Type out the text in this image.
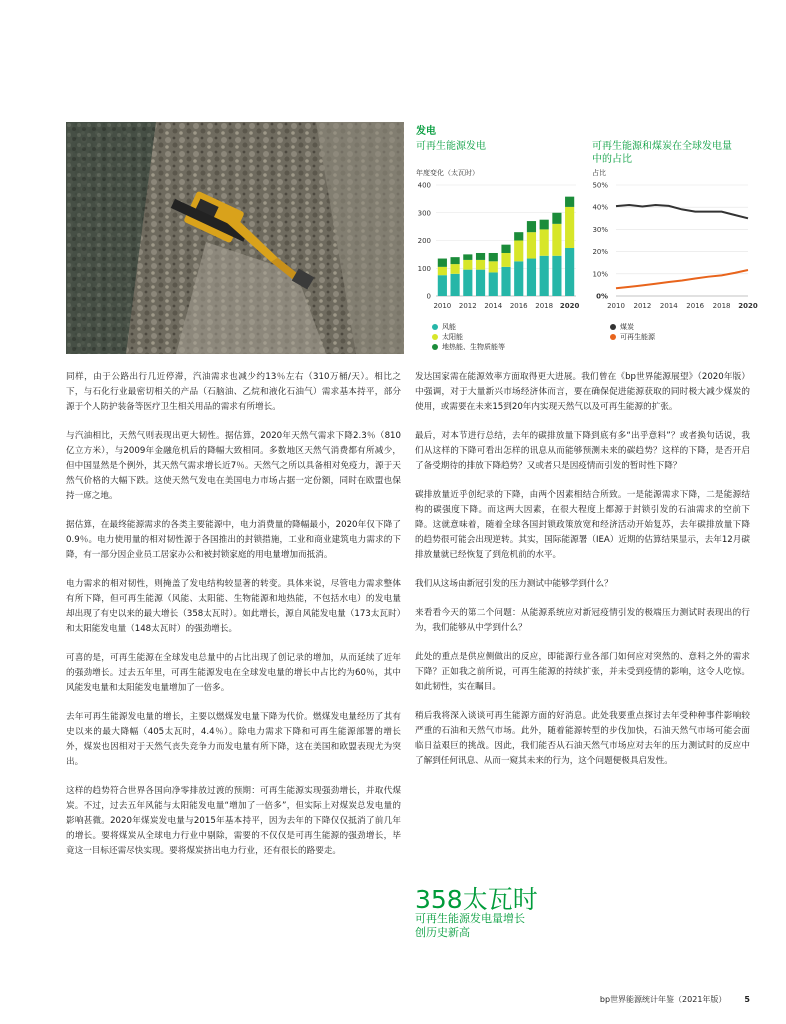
发电
可再生能源发电
年度变化（太瓦时）
可再生能源和煤炭在全球发电量
中的占比
占比
0
100
200
300
400
2010 2012 2014 2016 2018 2020
0%
10%
20%
30%
40%
50%
2010 2012 2014 2016 2018 2020
风能
太阳能
地热能、生物质能等
煤炭
可再生能源

同样，由于公路出行几近停滞，汽油需求也减少约13％左右（310万桶/天）。相比之下，与石化行业最密切相关的产品（石脑油、乙烷和液化石油气）需求基本持平，部分源于个人防护装备等医疗卫生相关用品的需求有所增长。

与汽油相比，天然气则表现出更大韧性。据估算，2020年天然气需求下降2.3％（810亿立方米），与2009年金融危机后的降幅大致相同。多数地区天然气消费都有所减少，但中国显然是个例外，其天然气需求增长近7％。天然气之所以具备相对免疫力，源于天然气价格的大幅下跌。这使天然气发电在美国电力市场占据一定份额，同时在欧盟也保持一席之地。

据估算，在最终能源需求的各类主要能源中，电力消费量的降幅最小，2020年仅下降了0.9％。电力使用量的相对韧性源于各国推出的封锁措施，工业和商业建筑电力需求的下降，有一部分因企业员工居家办公和被封锁家庭的用电量增加而抵消。

电力需求的相对韧性，则掩盖了发电结构较显著的转变。具体来说，尽管电力需求整体有所下降，但可再生能源（风能、太阳能、生物能源和地热能，不包括水电）的发电量却出现了有史以来的最大增长（358太瓦时）。如此增长，源自风能发电量（173太瓦时）和太阳能发电量（148太瓦时）的强劲增长。

可喜的是，可再生能源在全球发电总量中的占比出现了创记录的增加，从而延续了近年的强劲增长。过去五年里，可再生能源发电在全球发电量的增长中占比约为60％，其中风能发电量和太阳能发电量增加了一倍多。

去年可再生能源发电量的增长，主要以燃煤发电量下降为代价。燃煤发电量经历了其有史以来的最大降幅（405太瓦时，4.4％）。除电力需求下降和可再生能源部署的增长外，煤炭也因相对于天然气丧失竞争力而发电量有所下降，这在美国和欧盟表现尤为突出。

这样的趋势符合世界各国向净零排放过渡的预期：可再生能源实现强劲增长，并取代煤炭。不过，过去五年风能与太阳能发电量“增加了一倍多”，但实际上对煤炭总发电量的影响甚微。2020年煤炭发电量与2015年基本持平，因为去年的下降仅仅抵消了前几年的增长。要将煤炭从全球电力行业中剔除，需要的不仅仅是可再生能源的强劲增长，毕竟这一目标还需尽快实现。要将煤炭挤出电力行业，还有很长的路要走。

发达国家需在能源效率方面取得更大进展。我们曾在《bp世界能源展望》（2020年版）中强调，对于大量新兴市场经济体而言，要在确保促进能源获取的同时极大减少煤炭的使用，或需要在未来15到20年内实现天然气以及可再生能源的扩张。

最后，对本节进行总结，去年的碳排放量下降到底有多“出乎意料”？或者换句话说，我们从这样的下降可看出怎样的讯息从而能够预测未来的碳趋势？这样的下降，是否开启了备受期待的排放下降趋势？又或者只是因疫情而引发的暂时性下降？

碳排放量近乎创纪录的下降，由两个因素相结合所致。一是能源需求下降，二是能源结构的碳强度下降。而这两大因素，在很大程度上都源于封锁引发的石油需求的空前下降。这就意味着，随着全球各国封锁政策放宽和经济活动开始复苏，去年碳排放量下降的趋势很可能会出现逆转。其实，国际能源署（IEA）近期的估算结果显示，去年12月碳排放量就已经恢复了到危机前的水平。

我们从这场由新冠引发的压力测试中能够学到什么？

来看看今天的第二个问题：从能源系统应对新冠疫情引发的极端压力测试时表现出的行为，我们能够从中学到什么？

此处的重点是供应侧做出的反应，即能源行业各部门如何应对突然的、意料之外的需求下降？正如我之前所说，可再生能源的持续扩张，并未受到疫情的影响，这令人吃惊。如此韧性，实在瞩目。

稍后我将深入谈谈可再生能源方面的好消息。此处我要重点探讨去年受种种事件影响较严重的石油和天然气市场。此外，随着能源转型的步伐加快，石油天然气市场可能会面临日益艰巨的挑战。因此，我们能否从石油天然气市场应对去年的压力测试时的反应中了解到任何讯息、从而一窥其未来的行为，这个问题便极具启发性。

358太瓦时
可再生能源发电量增长
创历史新高
bp世界能源统计年鉴（2021年版） 5
